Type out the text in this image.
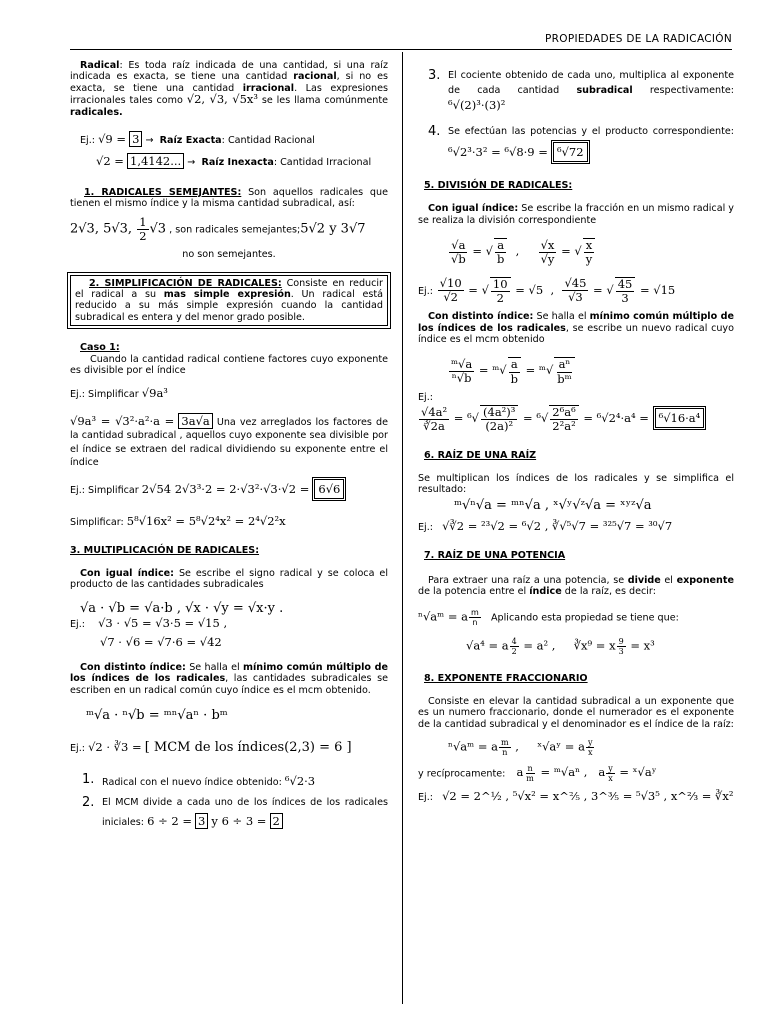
PROPIEDADES DE LA RADICACIÓN

Radical: Es toda raíz indicada de una cantidad, si una raíz indicada es exacta, se tiene una cantidad racional, si no es exacta, se tiene una cantidad irracional. Las expresiones irracionales tales como √2, √3, √5x³ se les llama comúnmente radicales.

Ej.: √9 = 3 → Raíz Exacta: Cantidad Racional

√2 = 1,4142... → Raíz Inexacta: Cantidad Irracional

1. RADICALES SEMEJANTES: Son aquellos radicales que tienen el mismo índice y la misma cantidad subradical, así:

2√3, 5√3, $\frac{1}{2} √3$ , son radicales semejantes;5√2 y 3√7

no son semejantes.

2. SIMPLIFICACIÓN DE RADICALES: Consiste en reducir el radical a su mas simple expresión. Un radical está reducido a su más simple expresión cuando la cantidad subradical es entera y del menor grado posible.

Caso 1:

Cuando la cantidad radical contiene factores cuyo exponente es divisible por el índice

Ej.: Simplificar √9a³

√9a³ = √3²·a²·a = 3a√a Una vez arreglados los factores de la cantidad subradical , aquellos cuyo exponente sea divisible por el índice se extraen del radical dividiendo su exponente entre el índice

Ej.: Simplificar 2√54 2√3³·2 = 2·√3²·√3·√2 = 6√6

Simplificar: 5⁸√16x² = 5⁸√2⁴x² = 2⁴√2²x

3. MULTIPLICACIÓN DE RADICALES:

Con igual índice: Se escribe el signo radical y se coloca el producto de las cantidades subradicales

√a · √b = √a·b , √x · √y = √x·y .

Ej.: √3 · √5 = √3·5 = √15 ,

√7 · √6 = √7·6 = √42

Con distinto índice: Se halla el mínimo común múltiplo de los índices de los radicales, las cantidades subradicales se escriben en un radical común cuyo índice es el mcm obtenido.

ᵐ√a · ⁿ√b = ᵐⁿ√aⁿ · bᵐ

Ej.: √2 · ∛3 = [ MCM de los índices(2,3) = 6 ]

1. Radical con el nuevo índice obtenido: ⁶√2·3
2. El MCM divide a cada uno de los índices de los radicales iniciales: 6 ÷ 2 = 3 y 6 ÷ 3 = 2
3. El cociente obtenido de cada uno, multiplica al exponente de cada cantidad subradical respectivamente: ⁶√(2)³·(3)²
4. Se efectúan las potencias y el producto correspondiente: ⁶√2³·3² = ⁶√8·9 = ⁶√72

5. DIVISIÓN DE RADICALES:

Con igual índice: Se escribe la fracción en un mismo radical y se realiza la división correspondiente

$\frac{√a}{√b}$ = √ $\frac{a}{b}$ , $\frac{√x}{√y}$ = √ $\frac{x}{y}$

Ej.: $\frac{√10}{√2}$ = √ $\frac{10}{2} = √5$  , $\frac{√45}{√3}$ = √ $\frac{45}{3} = √15$

Con distinto índice: Se halla el mínimo común múltiplo de los índices de los radicales, se escribe un nuevo radical cuyo índice es el mcm obtenido

$\frac{\text{ᵐ√a}}{\text{ⁿ√b}}$ = ᵐ√ $\frac{a}{b}$ = ᵐ√ $\frac{\text{aⁿ}}{\text{bᵐ}}$

Ej.:

$\frac{\text{√4a²}}{∛2a} = ^6√ \frac{\text{(4a²)³}}{\text{(2a)²}} = ^6√ \frac{\text{2⁶a⁶}}{\text{2²a²}} = ^6√2^4\cdot a^4 = ^6√16\cdot a^4$

6. RAÍZ DE UNA RAÍZ

Se multiplican los índices de los radicales y se simplifica el resultado:

ᵐ√ⁿ√a = ᵐⁿ√a , ˣ√ʸ√ᶻ√a = ˣʸᶻ√a

Ej.: √∛2 = ²³√2 = ⁶√2 , ∛√⁵√7 = ³²⁵√7 = ³⁰√7

7. RAÍZ DE UNA POTENCIA

Para extraer una raíz a una potencia, se divide el exponente de la potencia entre el índice de la raíz, es decir:

ⁿ√aᵐ = a $\frac{m}{n}$ Aplicando esta propiedad se tiene que:

√a⁴ = a $\frac{4}{2} = a^2$ , ∛x⁹ = x $\frac{9}{3} = x^3$

8. EXPONENTE FRACCIONARIO

Consiste en elevar la cantidad subradical a un exponente que es un numero fraccionario, donde el numerador es el exponente de la cantidad subradical y el denominador es el índice de la raíz:

ⁿ√aᵐ = a $\frac{m}{n}$ ,     ˣ√aʸ = a $\frac{y}{x}$

y recíprocamente: a $\frac{n}{m}$ = ᵐ√aⁿ ,   a $\frac{y}{x}$ = ˣ√aʸ

Ej.: √2 = 2^½ , ⁵√x² = x^⅖ , 3^⅗ = ⁵√3⁵ , x^⅔ = ∛x²
